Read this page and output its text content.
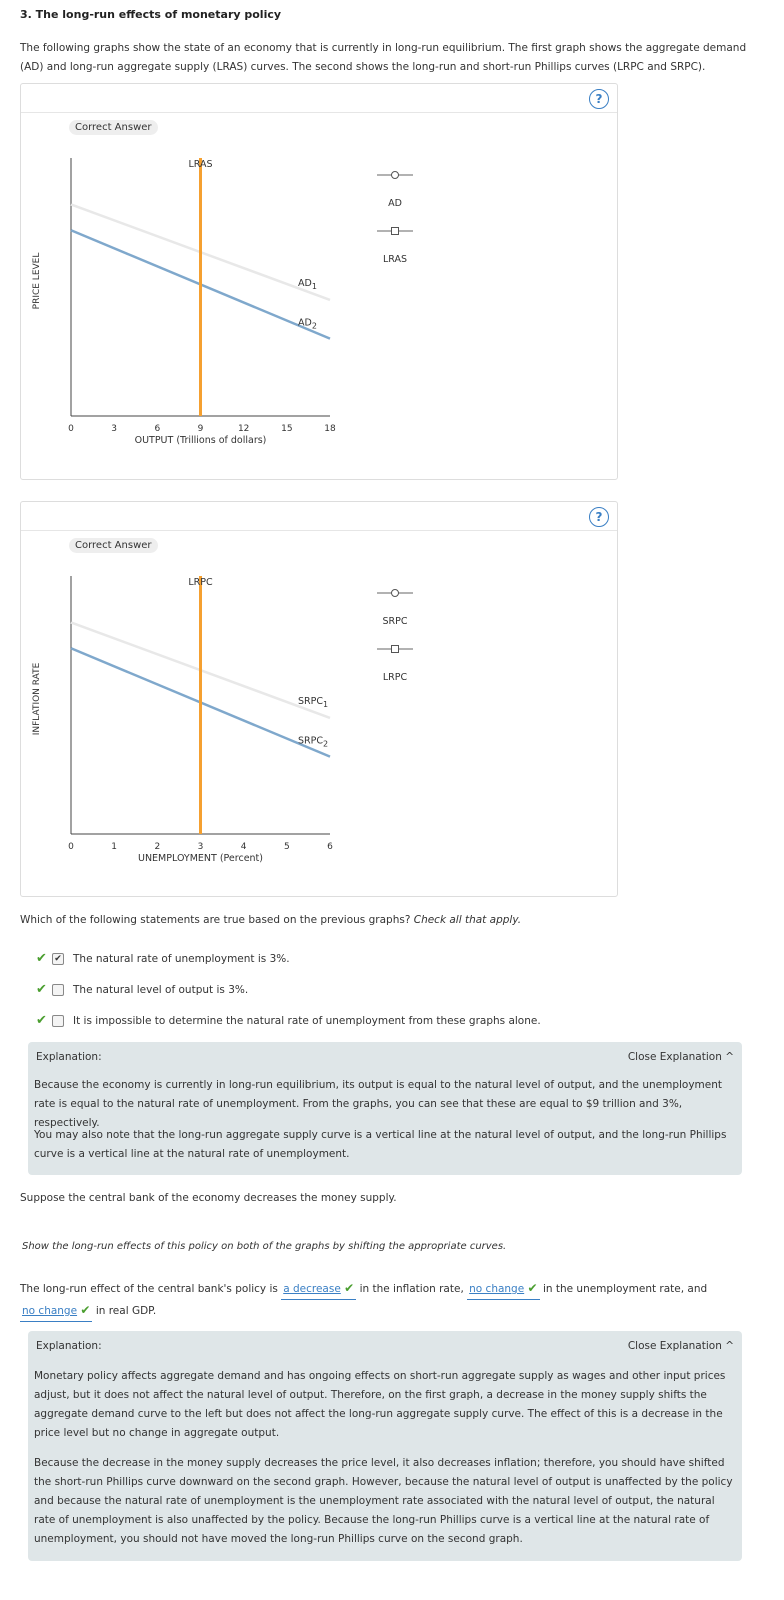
3. The long-run effects of monetary policy
The following graphs show the state of an economy that is currently in long-run equilibrium. The first graph shows the aggregate demand (AD) and long-run aggregate supply (LRAS) curves. The second shows the long-run and short-run Phillips curves (LRPC and SRPC).
?
Correct Answer
0	3	6	9	12	15	18
OUTPUT (Trillions of dollars)
PRICE LEVEL	$AD_1$
$AD_2$
LRAS
AD
LRAS
?
Correct Answer
0	1	2	3	4	5	6
UNEMPLOYMENT (Percent)
INFLATION RATE	$SRPC_1$
$SRPC_2$
LRPC
SRPC
LRPC
Which of the following statements are true based on the previous graphs? Check all that apply.
✔ ✔ The natural rate of unemployment is 3%.
✔	The natural level of output is 3%.
✔	It is impossible to determine the natural rate of unemployment from these graphs alone.
Explanation:	Close Explanation ^

Because the economy is currently in long-run equilibrium, its output is equal to the natural level of output, and the unemployment rate is equal to the natural rate of unemployment. From the graphs, you can see that these are equal to $9 trillion and 3%, respectively.

You may also note that the long-run aggregate supply curve is a vertical line at the natural level of output, and the long-run Phillips curve is a vertical line at the natural rate of unemployment.

Suppose the central bank of the economy decreases the money supply.
Show the long-run effects of this policy on both of the graphs by shifting the appropriate curves.
The long-run effect of the central bank's policy is a decrease ✔ in the inflation rate, no change ✔ in the unemployment rate, and
no change ✔ in real GDP.
Explanation:	Close Explanation ^

Monetary policy affects aggregate demand and has ongoing effects on short-run aggregate supply as wages and other input prices adjust, but it does not affect the natural level of output. Therefore, on the first graph, a decrease in the money supply shifts the aggregate demand curve to the left but does not affect the long-run aggregate supply curve. The effect of this is a decrease in the price level but no change in aggregate output.

Because the decrease in the money supply decreases the price level, it also decreases inflation; therefore, you should have shifted the short-run Phillips curve downward on the second graph. However, because the natural level of output is unaffected by the policy and because the natural rate of unemployment is the unemployment rate associated with the natural level of output, the natural rate of unemployment is also unaffected by the policy. Because the long-run Phillips curve is a vertical line at the natural rate of unemployment, you should not have moved the long-run Phillips curve on the second graph.
